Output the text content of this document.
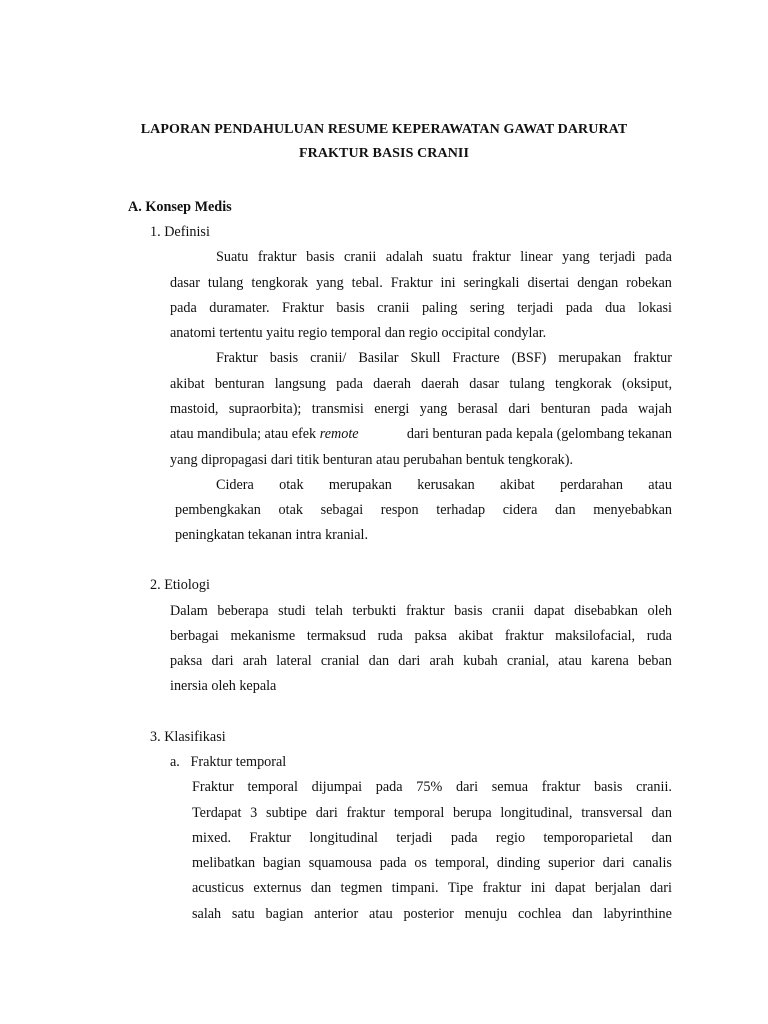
LAPORAN PENDAHULUAN RESUME KEPERAWATAN GAWAT DARURAT
FRAKTUR BASIS CRANII
A. Konsep Medis
1. Definisi
Suatu fraktur basis cranii adalah suatu fraktur linear yang terjadi pada
dasar tulang tengkorak yang tebal. Fraktur ini seringkali disertai dengan robekan
pada duramater. Fraktur basis cranii paling sering terjadi pada dua lokasi
anatomi tertentu yaitu regio temporal dan regio occipital condylar.
Fraktur basis cranii/ Basilar Skull Fracture (BSF) merupakan fraktur
akibat benturan langsung pada daerah daerah dasar tulang tengkorak (oksiput,
mastoid, supraorbita); transmisi energi yang berasal dari benturan pada wajah
atau mandibula; atau efek remote	dari benturan pada kepala (gelombang tekanan
yang dipropagasi dari titik benturan atau perubahan bentuk tengkorak).
Cidera otak merupakan kerusakan akibat perdarahan atau
pembengkakan otak sebagai respon terhadap cidera dan menyebabkan
peningkatan tekanan intra kranial.
2. Etiologi
Dalam beberapa studi telah terbukti fraktur basis cranii dapat disebabkan oleh
berbagai mekanisme termaksud ruda paksa akibat fraktur maksilofacial, ruda
paksa dari arah lateral cranial dan dari arah kubah cranial, atau karena beban
inersia oleh kepala
3. Klasifikasi
a.   Fraktur temporal
Fraktur temporal dijumpai pada 75% dari semua fraktur basis cranii.
Terdapat 3 subtipe dari fraktur temporal berupa longitudinal, transversal dan
mixed. Fraktur longitudinal terjadi pada regio temporoparietal dan
melibatkan bagian squamousa pada os temporal, dinding superior dari canalis
acusticus externus dan tegmen timpani. Tipe fraktur ini dapat berjalan dari
salah satu bagian anterior atau posterior menuju cochlea dan labyrinthine
